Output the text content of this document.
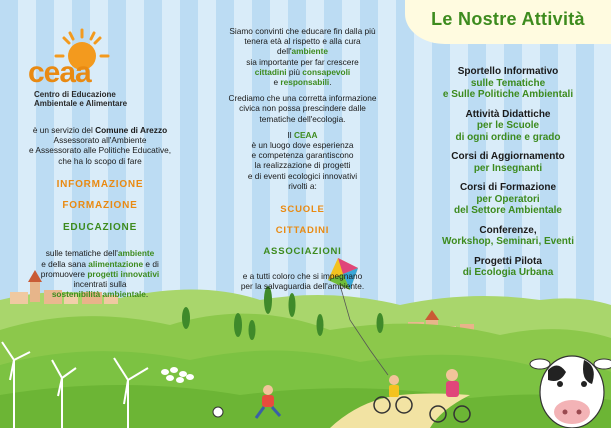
ceaa
Centro di Educazione
Ambientale e Alimentare

è un servizio del Comune di Arezzo

Assessorato all'Ambiente

e Assessorato alle Politiche Educative,

che ha lo scopo di fare

INFORMAZIONE

FORMAZIONE

EDUCAZIONE

sulle tematiche dell'ambiente

e della sana alimentazione e di

promuovere progetti innovativi

incentrati sulla

sostenibilità ambientale.

Siamo convinti che educare fin dalla più

tenera età al rispetto e alla cura

dell'ambiente

sia importante per far crescere

cittadini più consapevoli

e responsabili.

Crediamo che una corretta informazione

civica non possa prescindere dalle

tematiche dell'ecologia.

Il CEAA

è un luogo dove esperienza

e competenza garantiscono

la realizzazione di progetti

e di eventi ecologici innovativi

rivolti a:

SCUOLE

CITTADINI

ASSOCIAZIONI

e a tutti coloro che si impegnano

per la salvaguardia dell'ambiente.

Le Nostre Attività
Sportello Informativo
sulle Tematiche
e Sulle Politiche Ambientali
Attività Didattiche
per le Scuole
di ogni ordine e grado
Corsi di Aggiornamento
per Insegnanti
Corsi di Formazione
per Operatori
del Settore Ambientale
Conferenze,
Workshop, Seminari, Eventi
Progetti Pilota
di Ecologia Urbana
